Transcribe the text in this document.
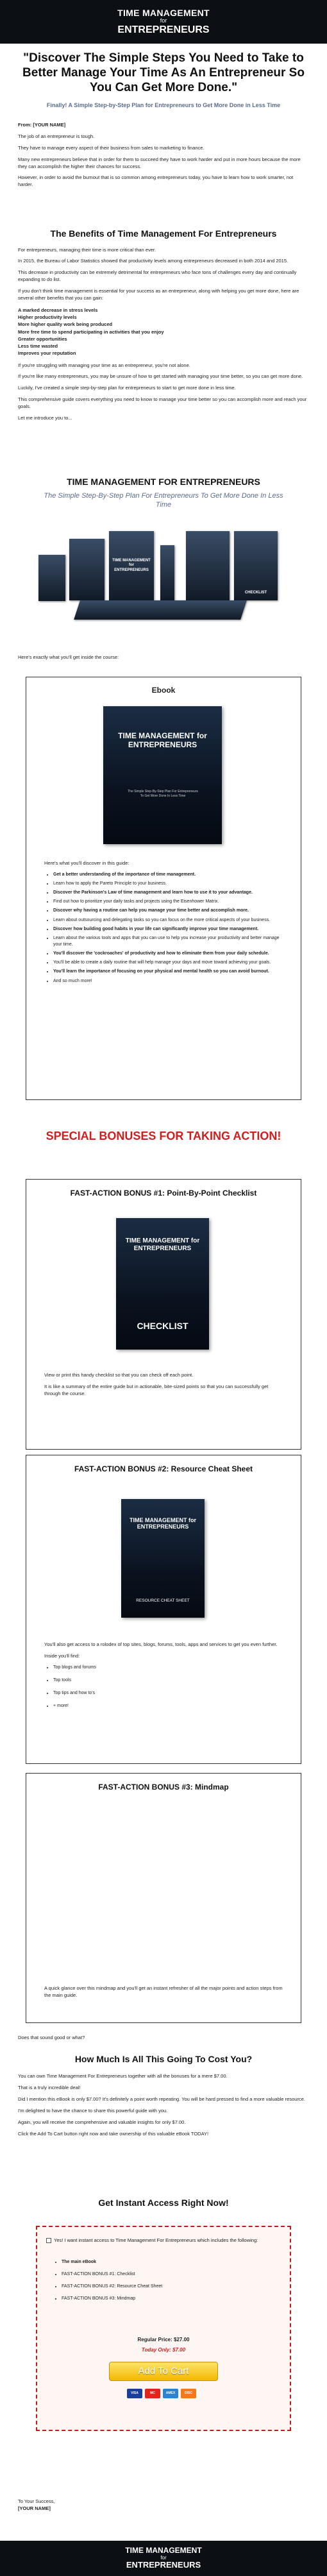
TIME MANAGEMENT
for
ENTREPRENEURS
"Discover The Simple Steps You Need to Take to Better Manage Your Time As An Entrepreneur So You Can Get More Done."
Finally! A Simple Step-by-Step Plan for Entrepreneurs to Get More Done in Less Time

From: [YOUR NAME]

The job of an entrepreneur is tough.

They have to manage every aspect of their business from sales to marketing to finance.

Many new entrepreneurs believe that in order for them to succeed they have to work harder and put in more hours because the more they can accomplish the higher their chances for success.

However, in order to avoid the burnout that is so common among entrepreneurs today, you have to learn how to work smarter, not harder.

The Benefits of Time Management For Entrepreneurs

For entrepreneurs, managing their time is more critical than ever.

In 2015, the Bureau of Labor Statistics showed that productivity levels among entrepreneurs decreased in both 2014 and 2015.

This decrease in productivity can be extremely detrimental for entrepreneurs who face tons of challenges every day and continually expanding to do list.

If you don't think time management is essential for your success as an entrepreneur, along with helping you get more done, here are several other benefits that you can gain:

A marked decrease in stress levels
Higher productivity levels
More higher quality work being produced
More free time to spend participating in activities that you enjoy
Greater opportunities
Less time wasted
Improves your reputation

If you're struggling with managing your time as an entrepreneur, you're not alone.

If you're like many entrepreneurs, you may be unsure of how to get started with managing your time better, so you can get more done.

Luckily, I've created a simple step-by-step plan for entrepreneurs to start to get more done in less time.

This comprehensive guide covers everything you need to know to manage your time better so you can accomplish more and reach your goals.

Let me introduce you to...

TIME MANAGEMENT FOR ENTREPRENEURS
The Simple Step-By-Step Plan For Entrepreneurs To Get More Done In Less Time
TIME MANAGEMENT for ENTREPRENEURS
CHECKLIST

Here's exactly what you'll get inside the course:

Ebook
TIME MANAGEMENT for ENTREPRENEURS
The Simple Step-By-Step Plan For Entrepreneurs To Get More Done In Less Time

Here's what you'll discover in this guide:

• Get a better understanding of the importance of time management.
• Learn how to apply the Pareto Principle to your business.
• Discover the Parkinson's Law of time management and learn how to use it to your advantage.
• Find out how to prioritize your daily tasks and projects using the Eisenhower Matrix.
• Discover why having a routine can help you manage your time better and accomplish more.
• Learn about outsourcing and delegating tasks so you can focus on the more critical aspects of your business.
• Discover how building good habits in your life can significantly improve your time management.
• Learn about the various tools and apps that you can use to help you increase your productivity and better manage your time.
• You'll discover the 'cockroaches' of productivity and how to eliminate them from your daily schedule.
• You'll be able to create a daily routine that will help manage your days and move toward achieving your goals.
• You'll learn the importance of focusing on your physical and mental health so you can avoid burnout.
• And so much more!
SPECIAL BONUSES FOR TAKING ACTION!
FAST-ACTION BONUS #1: Point-By-Point Checklist
TIME MANAGEMENT for ENTREPRENEURS
CHECKLIST

View or print this handy checklist so that you can check off each point.

It is like a summary of the entire guide but in actionable, bite-sized points so that you can successfully get through the course.

FAST-ACTION BONUS #2: Resource Cheat Sheet
TIME MANAGEMENT for ENTREPRENEURS
RESOURCE CHEAT SHEET

You'll also get access to a rolodex of top sites, blogs, forums, tools, apps and services to get you even further.

Inside you'll find:

• Top blogs and forums
• Top tools
• Top tips and how to's
• + more!
FAST-ACTION BONUS #3: Mindmap

A quick glance over this mindmap and you'll get an instant refresher of all the major points and action steps from the main guide.

Does that sound good or what?

How Much Is All This Going To Cost You?

You can own Time Management For Entrepreneurs together with all the bonuses for a mere $7.00.

That is a truly incredible deal!

Did I mention this eBook is only $7.00? It's definitely a point worth repeating. You will be hard pressed to find a more valuable resource.

I'm delighted to have the chance to share this powerful guide with you.

Again, you will receive the comprehensive and valuable insights for only $7.00.

Click the Add To Cart button right now and take ownership of this valuable eBook TODAY!

Get Instant Access Right Now!
Yes! I want instant access to Time Management For Entrepreneurs which includes the following:
• The main eBook
• FAST-ACTION BONUS #1: Checklist
• FAST-ACTION BONUS #2: Resource Cheat Sheet
• FAST-ACTION BONUS #3: Mindmap
Regular Price: $27.00
Today Only: $7.00
Add To Cart
VISA	MC	AMEX	DISC
To Your Success,
[YOUR NAME]
TIME MANAGEMENT
for
ENTREPRENEURS
